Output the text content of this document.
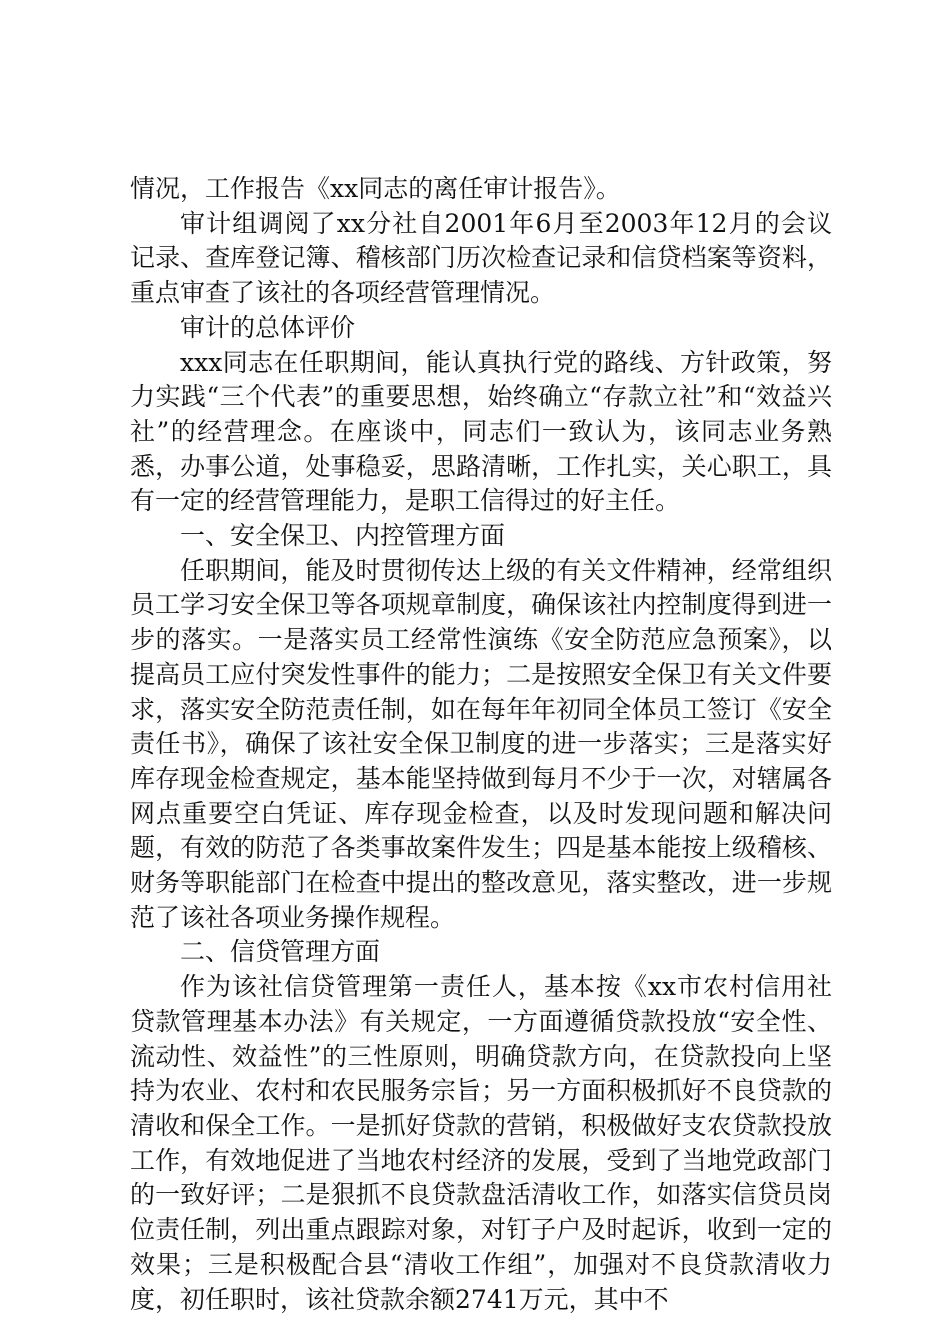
情况，工作报告《xx同志的离任审计报告》。

审计组调阅了xx分社自2001年6月至2003年12月的会议记录、查库登记簿、稽核部门历次检查记录和信贷档案等资料，重点审查了该社的各项经营管理情况。

审计的总体评价

xxx同志在任职期间，能认真执行党的路线、方针政策，努力实践“三个代表”的重要思想，始终确立“存款立社”和“效益兴社”的经营理念。在座谈中，同志们一致认为，该同志业务熟悉，办事公道，处事稳妥，思路清晰，工作扎实，关心职工，具有一定的经营管理能力，是职工信得过的好主任。

一、安全保卫、内控管理方面

任职期间，能及时贯彻传达上级的有关文件精神，经常组织员工学习安全保卫等各项规章制度，确保该社内控制度得到进一步的落实。一是落实员工经常性演练《安全防范应急预案》，以提高员工应付突发性事件的能力；二是按照安全保卫有关文件要求，落实安全防范责任制，如在每年年初同全体员工签订《安全责任书》，确保了该社安全保卫制度的进一步落实；三是落实好库存现金检查规定，基本能坚持做到每月不少于一次，对辖属各网点重要空白凭证、库存现金检查，以及时发现问题和解决问题，有效的防范了各类事故案件发生；四是基本能按上级稽核、财务等职能部门在检查中提出的整改意见，落实整改，进一步规范了该社各项业务操作规程。

二、信贷管理方面

作为该社信贷管理第一责任人，基本按《xx市农村信用社贷款管理基本办法》有关规定，一方面遵循贷款投放“安全性、流动性、效益性”的三性原则，明确贷款方向，在贷款投向上坚持为农业、农村和农民服务宗旨；另一方面积极抓好不良贷款的清收和保全工作。一是抓好贷款的营销，积极做好支农贷款投放工作，有效地促进了当地农村经济的发展，受到了当地党政部门的一致好评；二是狠抓不良贷款盘活清收工作，如落实信贷员岗位责任制，列出重点跟踪对象，对钉子户及时起诉，收到一定的效果；三是积极配合县“清收工作组”，加强对不良贷款清收力度，初任职时，该社贷款余额2741万元，其中不
